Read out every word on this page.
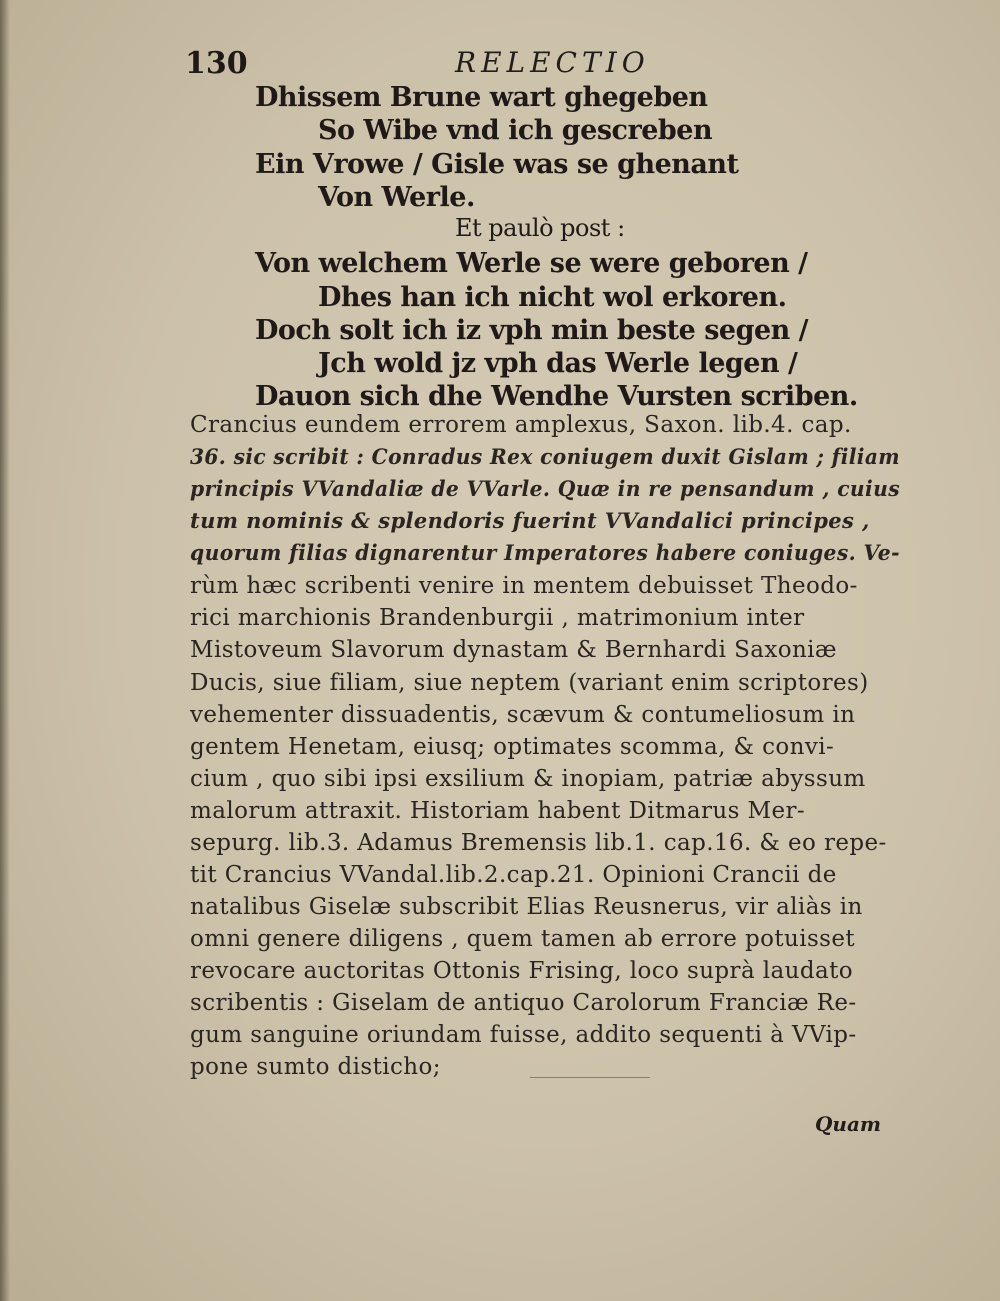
130	RELECTIO
Dhissem Brune wart ghegeben
So Wibe vnd ich gescreben
Ein Vrowe / Gisle was se ghenant
Von Werle.
Et paulò post :
Von welchem Werle se were geboren /
Dhes han ich nicht wol erkoren.
Doch solt ich iz vph min beste segen /
Jch wold jz vph das Werle legen /
Dauon sich dhe Wendhe Vursten scriben.
Crancius eundem errorem amplexus, Saxon. lib.4. cap.
36. sic scribit : Conradus Rex coniugem duxit Gislam ; filiam
principis VVandaliæ de VVarle. Quæ in re pensandum , cuius
tum nominis & splendoris fuerint VVandalici principes ,
quorum filias dignarentur Imperatores habere coniuges. Ve-
rùm hæc scribenti venire in mentem debuisset Theodo-
rici marchionis Brandenburgii , matrimonium inter
Mistoveum Slavorum dynastam & Bernhardi Saxoniæ
Ducis, siue filiam, siue neptem (variant enim scriptores)
vehementer dissuadentis, scævum & contumeliosum in
gentem Henetam, eiusq; optimates scomma, & convi-
cium , quo sibi ipsi exsilium & inopiam, patriæ abyssum
malorum attraxit. Historiam habent Ditmarus Mer-
sepurg. lib.3. Adamus Bremensis lib.1. cap.16. & eo repe-
tit Crancius VVandal.lib.2.cap.21. Opinioni Crancii de
natalibus Giselæ subscribit Elias Reusnerus, vir aliàs in
omni genere diligens , quem tamen ab errore potuisset
revocare auctoritas Ottonis Frising, loco suprà laudato
scribentis : Giselam de antiquo Carolorum Franciæ Re-
gum sanguine oriundam fuisse, addito sequenti à VVip-
pone sumto disticho;
Quam
